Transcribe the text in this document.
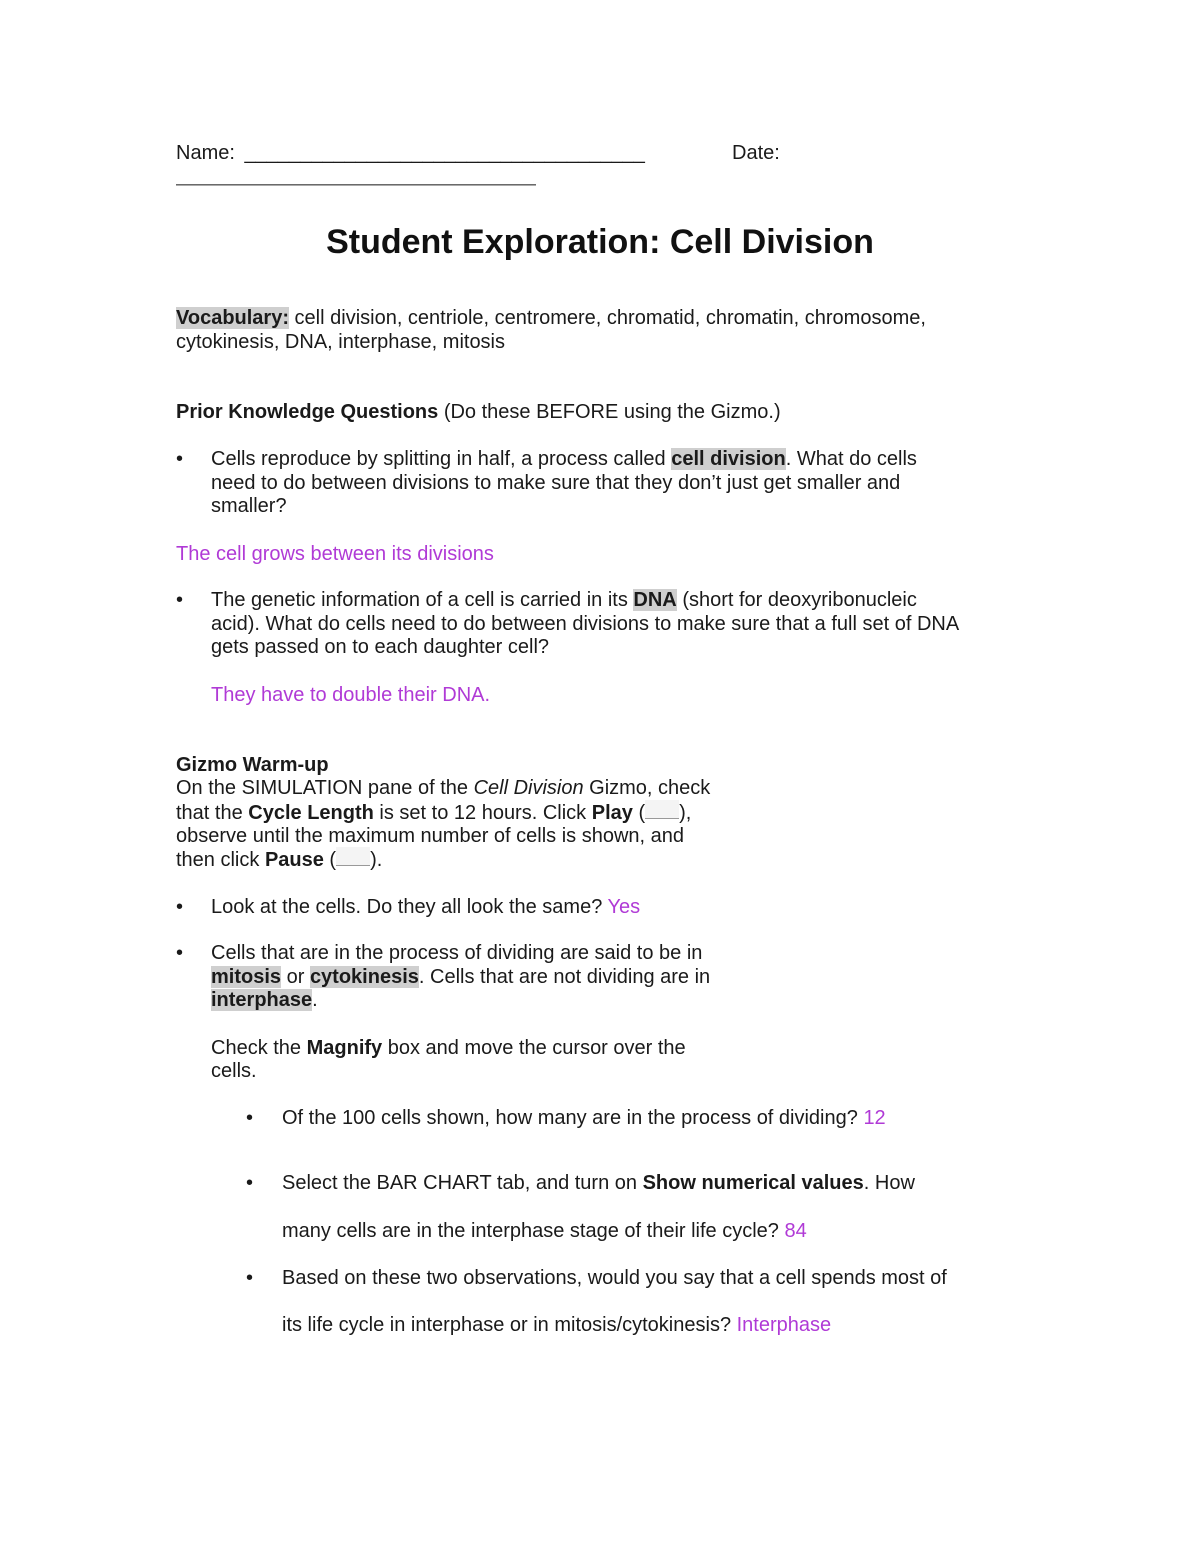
Name: ____________________________________	Date:
——————————————————
Student Exploration: Cell Division
Vocabulary: cell division, centriole, centromere, chromatid, chromatin, chromosome,
cytokinesis, DNA, interphase, mitosis
Prior Knowledge Questions (Do these BEFORE using the Gizmo.)
• Cells reproduce by splitting in half, a process called cell division. What do cells
need to do between divisions to make sure that they don’t just get smaller and
smaller?
The cell grows between its divisions
• The genetic information of a cell is carried in its DNA (short for deoxyribonucleic
acid). What do cells need to do between divisions to make sure that a full set of DNA
gets passed on to each daughter cell?
They have to double their DNA.
Gizmo Warm-up
On the SIMULATION pane of the Cell Division Gizmo, check
that the Cycle Length is set to 12 hours. Click Play ( ),
observe until the maximum number of cells is shown, and
then click Pause ( ).
• Look at the cells. Do they all look the same? Yes
• Cells that are in the process of dividing are said to be in
mitosis or cytokinesis. Cells that are not dividing are in
interphase.
Check the Magnify box and move the cursor over the
cells.
• Of the 100 cells shown, how many are in the process of dividing? 12
• Select the BAR CHART tab, and turn on Show numerical values. How
many cells are in the interphase stage of their life cycle? 84
• Based on these two observations, would you say that a cell spends most of
its life cycle in interphase or in mitosis/cytokinesis? Interphase
